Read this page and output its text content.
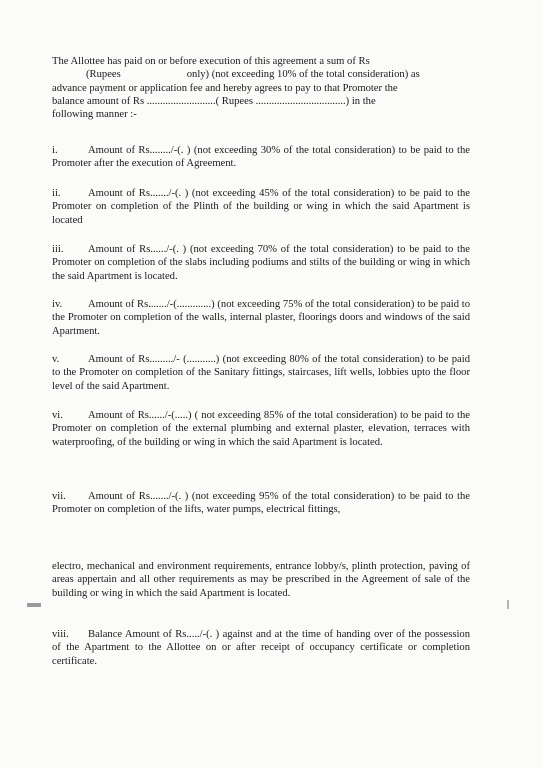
The Allottee has paid on or before execution of this agreement a sum of Rs

(Rupees	only) (not exceeding 10% of the total consideration) as

advance payment or application fee and hereby agrees to pay to that Promoter the

balance amount of Rs ..........................( Rupees ..................................) in the

following manner :-

i.	Amount of Rs......../-(. ) (not exceeding 30% of the total consideration) to be paid to the Promoter after the execution of Agreement.

ii.	Amount of Rs......./-(. ) (not exceeding 45% of the total consideration) to be paid to the Promoter on completion of the Plinth of the building or wing in which the said Apartment is located

iii. Amount of Rs....../-(. ) (not exceeding 70% of the total consideration) to be paid to the Promoter on completion of the slabs including podiums and stilts of the building or wing in which the said Apartment is located.

iv. Amount of Rs......./-(.............) (not exceeding 75% of the total consideration) to be paid to the Promoter on completion of the walls, internal plaster, floorings doors and windows of the said Apartment.

v.	Amount of Rs........./- (...........) (not exceeding 80% of the total consideration) to be paid to the Promoter on completion of the Sanitary fittings, staircases, lift wells, lobbies upto the floor level of the said Apartment.

vi. Amount of Rs....../-(.....) ( not exceeding 85% of the total consideration) to be paid to the Promoter on completion of the external plumbing and external plaster, elevation, terraces with waterproofing, of the building or wing in which the said Apartment is located.

vii. Amount of Rs......./-(. ) (not exceeding 95% of the total consideration) to be paid to the Promoter on completion of the lifts, water pumps, electrical fittings,

electro, mechanical and environment requirements, entrance lobby/s, plinth protection, paving of areas appertain and all other requirements as may be prescribed in the Agreement of sale of the building or wing in which the said Apartment is located.

viii. Balance Amount of Rs...../-(. ) against and at the time of handing over of the possession of the Apartment to the Allottee on or after receipt of occupancy certificate or completion certificate.
